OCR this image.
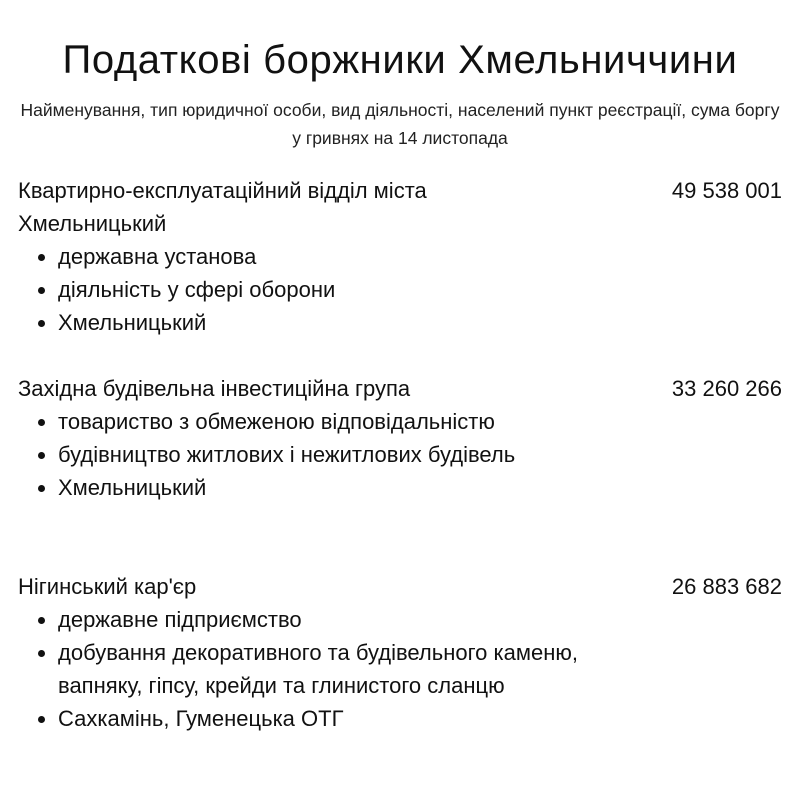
Податкові боржники Хмельниччини
Найменування, тип юридичної особи, вид діяльності, населений пункт реєстрації, сума боргу у гривнях на 14 листопада
Квартирно-експлуатаційний відділ міста Хмельницький
49 538 001
державна установа
діяльність у сфері оборони
Хмельницький
Західна будівельна інвестиційна група	33 260 266
товариство з обмеженою відповідальністю
будівництво житлових і нежитлових будівель
Хмельницький
Нігинський кар'єр	26 883 682
державне підприємство
добування декоративного та будівельного каменю, вапняку, гіпсу, крейди та глинистого сланцю
Сахкамінь, Гуменецька ОТГ
